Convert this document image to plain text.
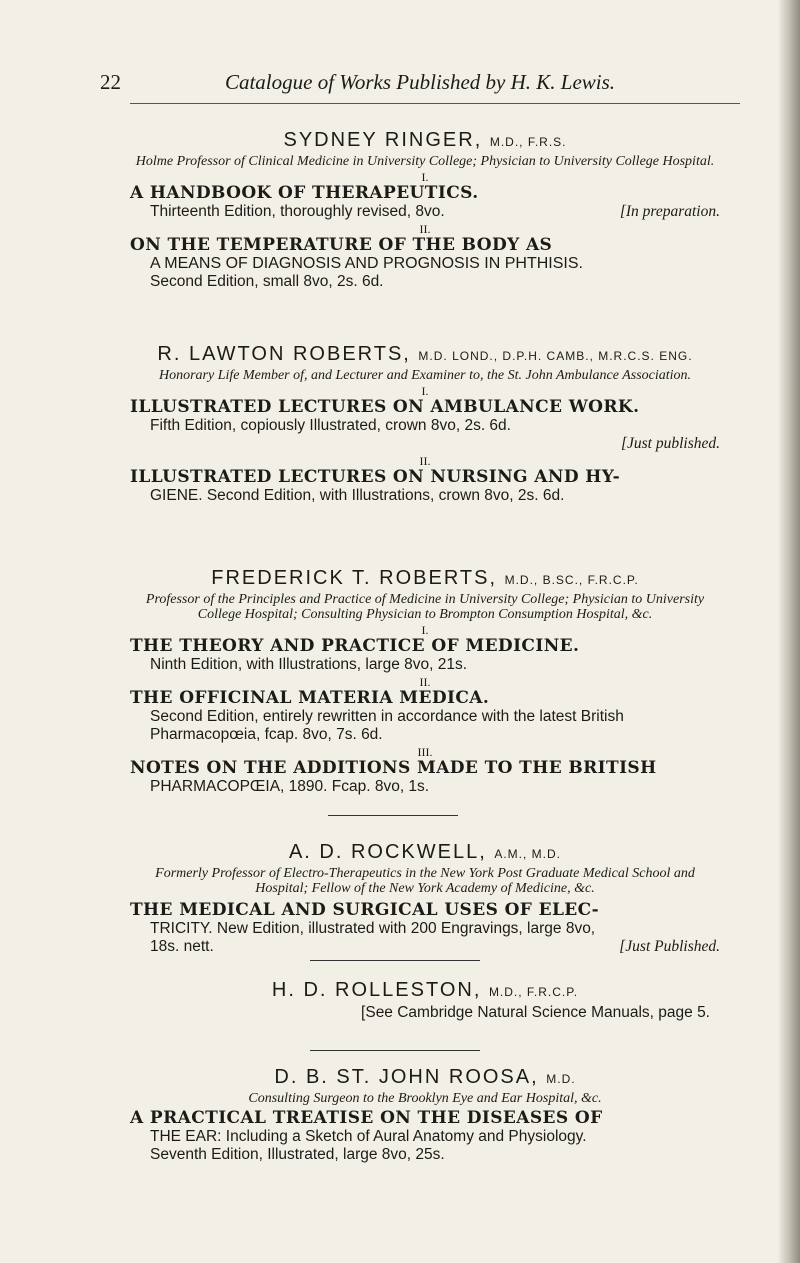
22	Catalogue of Works Published by H. K. Lewis.
SYDNEY RINGER, M.D., F.R.S.
Holme Professor of Clinical Medicine in University College; Physician to University College Hospital.
I.
A HANDBOOK OF THERAPEUTICS.
Thirteenth Edition, thoroughly revised, 8vo.	[In preparation.
II.
ON THE TEMPERATURE OF THE BODY AS
A MEANS OF DIAGNOSIS AND PROGNOSIS IN PHTHISIS.
Second Edition, small 8vo, 2s. 6d.
R. LAWTON ROBERTS, M.D. LOND., D.P.H. CAMB., M.R.C.S. ENG.
Honorary Life Member of, and Lecturer and Examiner to, the St. John Ambulance Association.
I.
ILLUSTRATED LECTURES ON AMBULANCE WORK.
Fifth Edition, copiously Illustrated, crown 8vo, 2s. 6d.
[Just published.
II.
ILLUSTRATED LECTURES ON NURSING AND HY-
GIENE. Second Edition, with Illustrations, crown 8vo, 2s. 6d.
FREDERICK T. ROBERTS, M.D., B.SC., F.R.C.P.
Professor of the Principles and Practice of Medicine in University College; Physician to University College Hospital; Consulting Physician to Brompton Consumption Hospital, &c.
I.
THE THEORY AND PRACTICE OF MEDICINE.
Ninth Edition, with Illustrations, large 8vo, 21s.
II.
THE OFFICINAL MATERIA MEDICA.
Second Edition, entirely rewritten in accordance with the latest British Pharmacopœia, fcap. 8vo, 7s. 6d.
III.
NOTES ON THE ADDITIONS MADE TO THE BRITISH
PHARMACOPŒIA, 1890. Fcap. 8vo, 1s.
A. D. ROCKWELL, A.M., M.D.
Formerly Professor of Electro-Therapeutics in the New York Post Graduate Medical School and Hospital; Fellow of the New York Academy of Medicine, &c.
THE MEDICAL AND SURGICAL USES OF ELEC-
TRICITY. New Edition, illustrated with 200 Engravings, large 8vo,
18s. nett.	[Just Published.
H. D. ROLLESTON, M.D., F.R.C.P.
[See Cambridge Natural Science Manuals, page 5.
D. B. ST. JOHN ROOSA, M.D.
Consulting Surgeon to the Brooklyn Eye and Ear Hospital, &c.
A PRACTICAL TREATISE ON THE DISEASES OF
THE EAR: Including a Sketch of Aural Anatomy and Physiology.
Seventh Edition, Illustrated, large 8vo, 25s.
